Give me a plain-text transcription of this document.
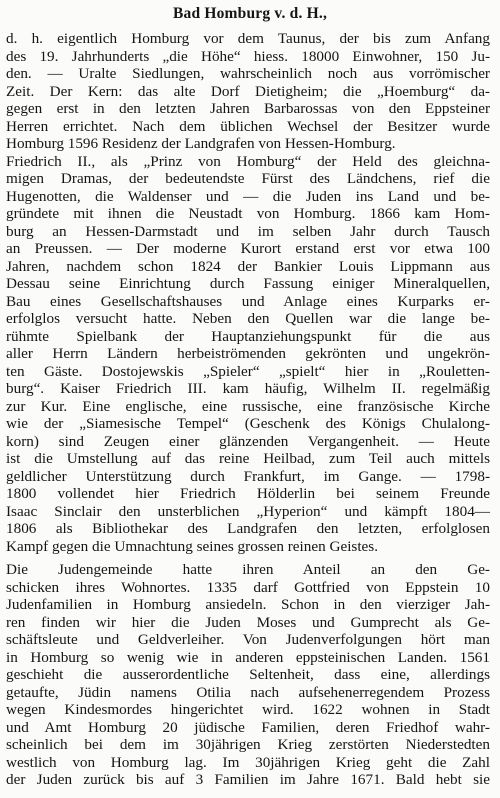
Bad Homburg v. d. H.,
d. h. eigentlich Homburg vor dem Taunus, der bis zum Anfang
des 19. Jahrhunderts „die Höhe“ hiess. 18000 Einwohner, 150 Ju-
den. — Uralte Siedlungen, wahrscheinlich noch aus vorrömischer
Zeit. Der Kern: das alte Dorf Dietigheim; die „Hoemburg“ da-
gegen erst in den letzten Jahren Barbarossas von den Eppsteiner
Herren errichtet. Nach dem üblichen Wechsel der Besitzer wurde
Homburg 1596 Residenz der Landgrafen von Hessen-Homburg.
Friedrich II., als „Prinz von Homburg“ der Held des gleichna-
migen Dramas, der bedeutendste Fürst des Ländchens, rief die
Hugenotten, die Waldenser und — die Juden ins Land und be-
gründete mit ihnen die Neustadt von Homburg. 1866 kam Hom-
burg an Hessen-Darmstadt und im selben Jahr durch Tausch
an Preussen. — Der moderne Kurort erstand erst vor etwa 100
Jahren, nachdem schon 1824 der Bankier Louis Lippmann aus
Dessau seine Einrichtung durch Fassung einiger Mineralquellen,
Bau eines Gesellschaftshauses und Anlage eines Kurparks er-
erfolglos versucht hatte. Neben den Quellen war die lange be-
rühmte Spielbank der Hauptanziehungspunkt für die aus
aller Herrn Ländern herbeiströmenden gekrönten und ungekrön-
ten Gäste. Dostojewskis „Spieler“ „spielt“ hier in „Rouletten-
burg“. Kaiser Friedrich III. kam häufig, Wilhelm II. regelmäßig
zur Kur. Eine englische, eine russische, eine französische Kirche
wie der „Siamesische Tempel“ (Geschenk des Königs Chulalong-
korn) sind Zeugen einer glänzenden Vergangenheit. — Heute
ist die Umstellung auf das reine Heilbad, zum Teil auch mittels
geldlicher Unterstützung durch Frankfurt, im Gange. — 1798-
1800 vollendet hier Friedrich Hölderlin bei seinem Freunde
Isaac Sinclair den unsterblichen „Hyperion“ und kämpft 1804—
1806 als Bibliothekar des Landgrafen den letzten, erfolglosen
Kampf gegen die Umnachtung seines grossen reinen Geistes.
Die Judengemeinde hatte ihren Anteil an den Ge-
schicken ihres Wohnortes. 1335 darf Gottfried von Eppstein 10
Judenfamilien in Homburg ansiedeln. Schon in den vierziger Jah-
ren finden wir hier die Juden Moses und Gumprecht als Ge-
schäftsleute und Geldverleiher. Von Judenverfolgungen hört man
in Homburg so wenig wie in anderen eppsteinischen Landen. 1561
geschieht die ausserordentliche Seltenheit, dass eine, allerdings
getaufte, Jüdin namens Otilia nach aufsehenerregendem Prozess
wegen Kindesmordes hingerichtet wird. 1622 wohnen in Stadt
und Amt Homburg 20 jüdische Familien, deren Friedhof wahr-
scheinlich bei dem im 30jährigen Krieg zerstörten Niederstedten
westlich von Homburg lag. Im 30jährigen Krieg geht die Zahl
der Juden zurück bis auf 3 Familien im Jahre 1671. Bald hebt sie
